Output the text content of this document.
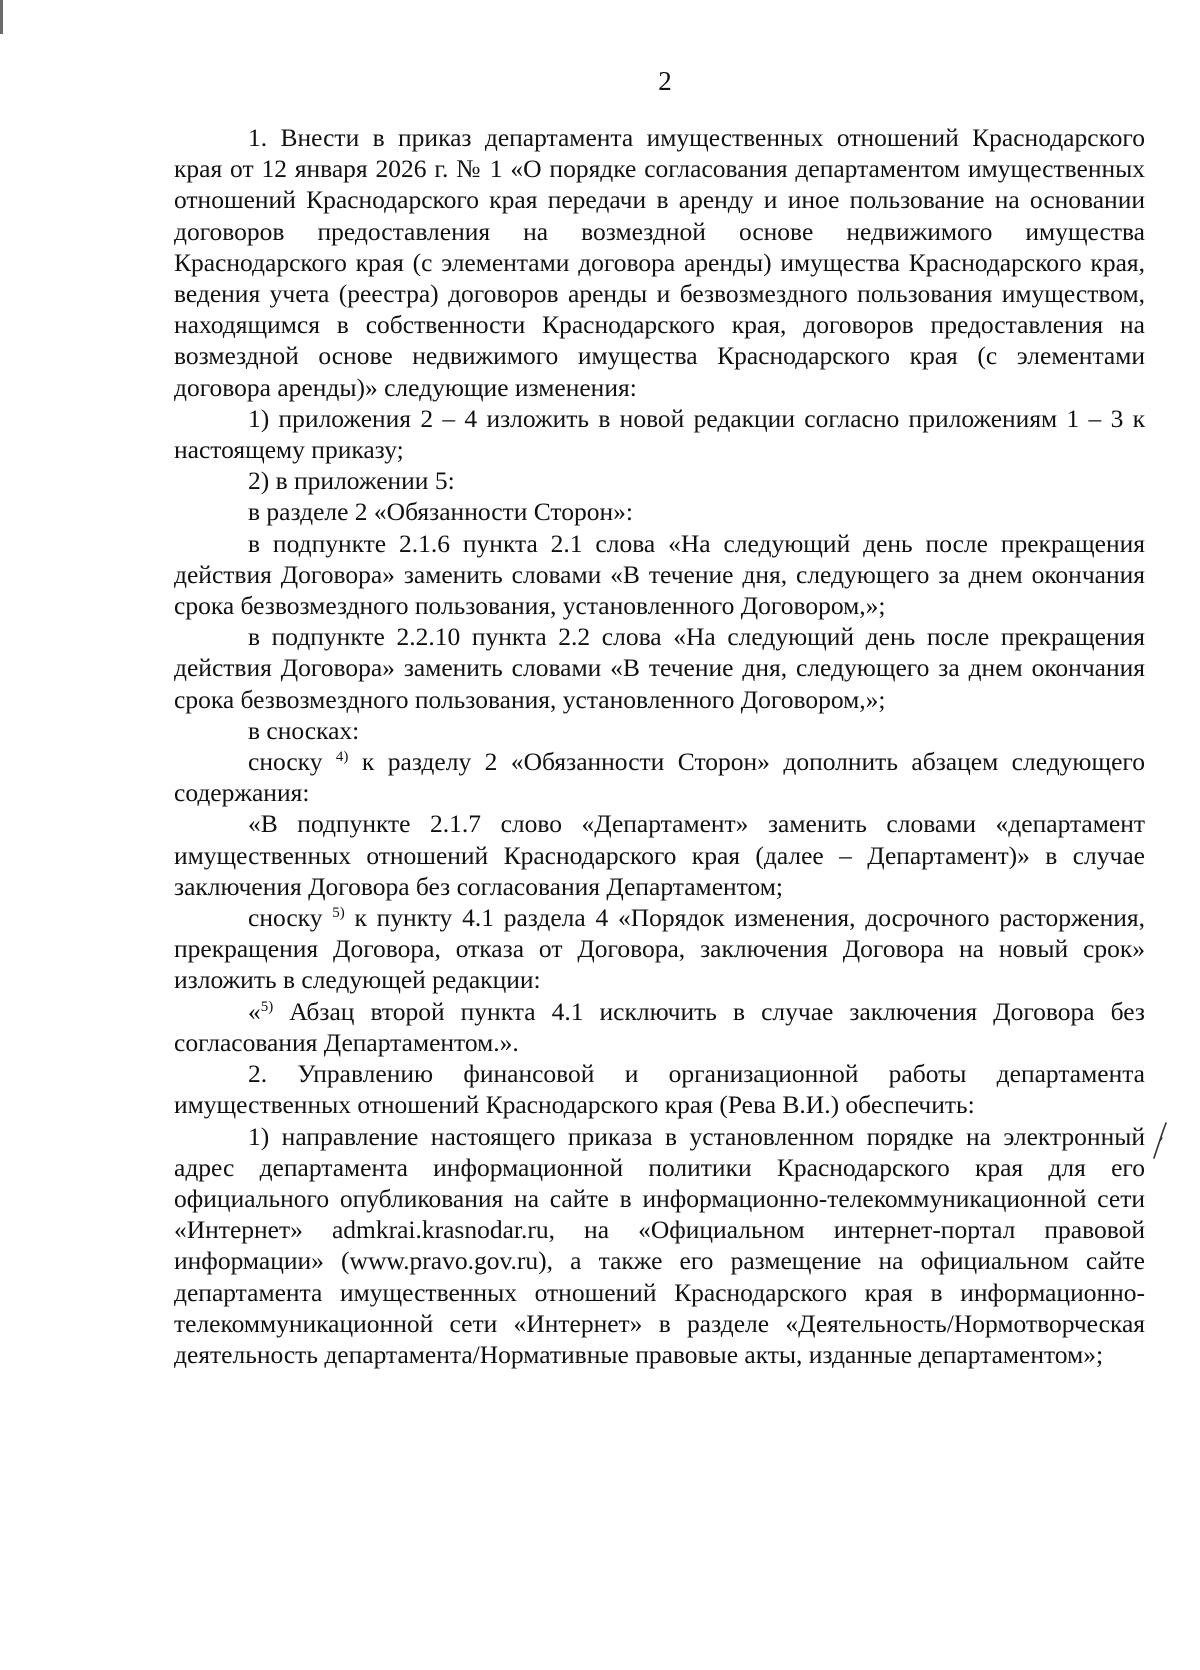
2

1. Внести в приказ департамента имущественных отношений Краснодарского края от 12 января 2026 г. № 1 «О порядке согласования департаментом имущественных отношений Краснодарского края передачи в аренду и иное пользование на основании договоров предоставления на возмездной основе недвижимого имущества Краснодарского края (с элементами договора аренды) имущества Краснодарского края, ведения учета (реестра) договоров аренды и безвозмездного пользования имуществом, находящимся в собственности Краснодарского края, договоров предоставления на возмездной основе недвижимого имущества Краснодарского края (с элементами договора аренды)» следующие изменения:

1) приложения 2 – 4 изложить в новой редакции согласно приложениям 1 – 3 к настоящему приказу;

2) в приложении 5:

в разделе 2 «Обязанности Сторон»:

в подпункте 2.1.6 пункта 2.1 слова «На следующий день после прекращения действия Договора» заменить словами «В течение дня, следующего за днем окончания срока безвозмездного пользования, установленного Договором,»;

в подпункте 2.2.10 пункта 2.2 слова «На следующий день после прекращения действия Договора» заменить словами «В течение дня, следующего за днем окончания срока безвозмездного пользования, установленного Договором,»;

в сносках:

сноску $^{4)}$ к разделу 2 «Обязанности Сторон» дополнить абзацем следующего содержания:

«В подпункте 2.1.7 слово «Департамент» заменить словами «департамент имущественных отношений Краснодарского края (далее – Департамент)» в случае заключения Договора без согласования Департаментом;

сноску $^{5)}$ к пункту 4.1 раздела 4 «Порядок изменения, досрочного расторжения, прекращения Договора, отказа от Договора, заключения Договора на новый срок» изложить в следующей редакции:

«$^{5)}$ Абзац второй пункта 4.1 исключить в случае заключения Договора без согласования Департаментом.».

2. Управлению финансовой и организационной работы департамента имущественных отношений Краснодарского края (Рева В.И.) обеспечить:

1) направление настоящего приказа в установленном порядке на электронный адрес департамента информационной политики Краснодарского края для его официального опубликования на сайте в информационно-телекоммуникационной сети «Интернет» admkrai.krasnodar.ru, на «Официальном интернет-портал правовой информации» (www.pravo.gov.ru), а также его размещение на официальном сайте департамента имущественных отношений Краснодарского края в информационно-телекоммуникационной сети «Интернет» в разделе «Деятельность/Нормотворческая деятельность департамента/Нормативные правовые акты, изданные департаментом»;
